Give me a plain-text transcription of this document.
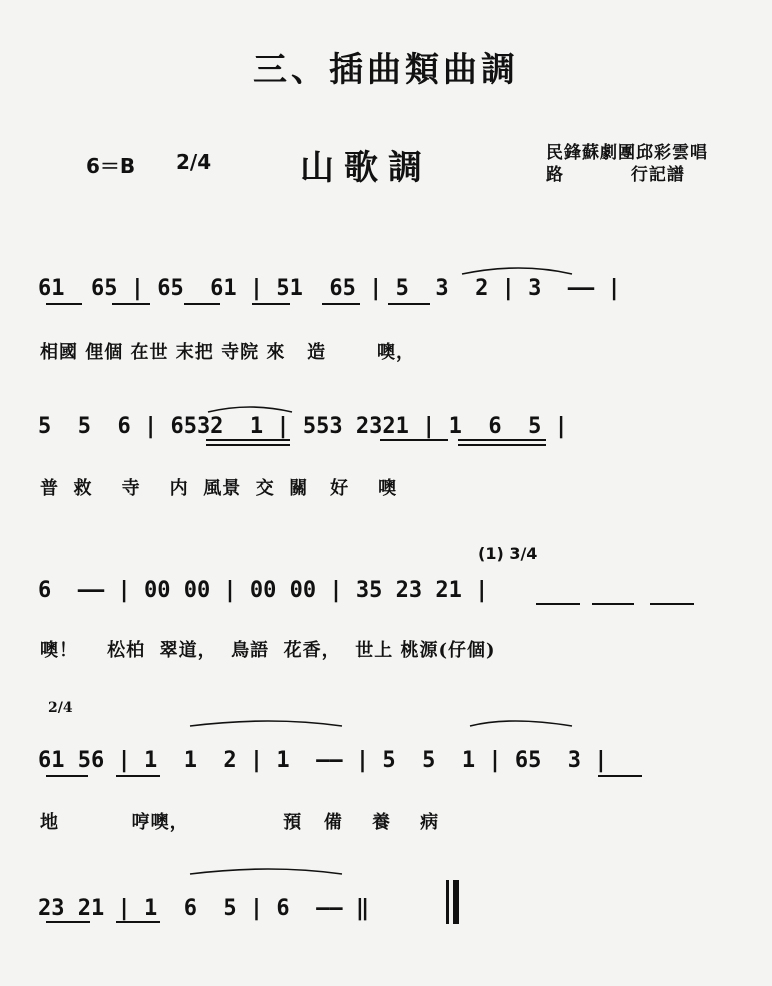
三、插曲類曲調
6＝B 2/4	山歌調	民鋒蘇劇團邱彩雲唱
路 行記譜
61  65 | 65  61 | 51  65 | 5  3  2 | 3  —— |
相國 俚個 在世 末把 寺院 來   造       噢，
5  5  6 | 6532  1 | 553 2321 | 1  6  5 |
普  救    寺    内  風景  交  關   好    噢
(1) 3/4
6  —— | 00 00 | 00 00 | 35 23 21 |
噢！    松柏  翠道，  鳥語  花香，  世上 桃源(仔個)
2/4
61 56 | 1  1  2 | 1  —— | 5  5  1 | 65  3 |
地          哼噢，             預   備    養    病
23 21 | 1  6  5 | 6  —— ‖
